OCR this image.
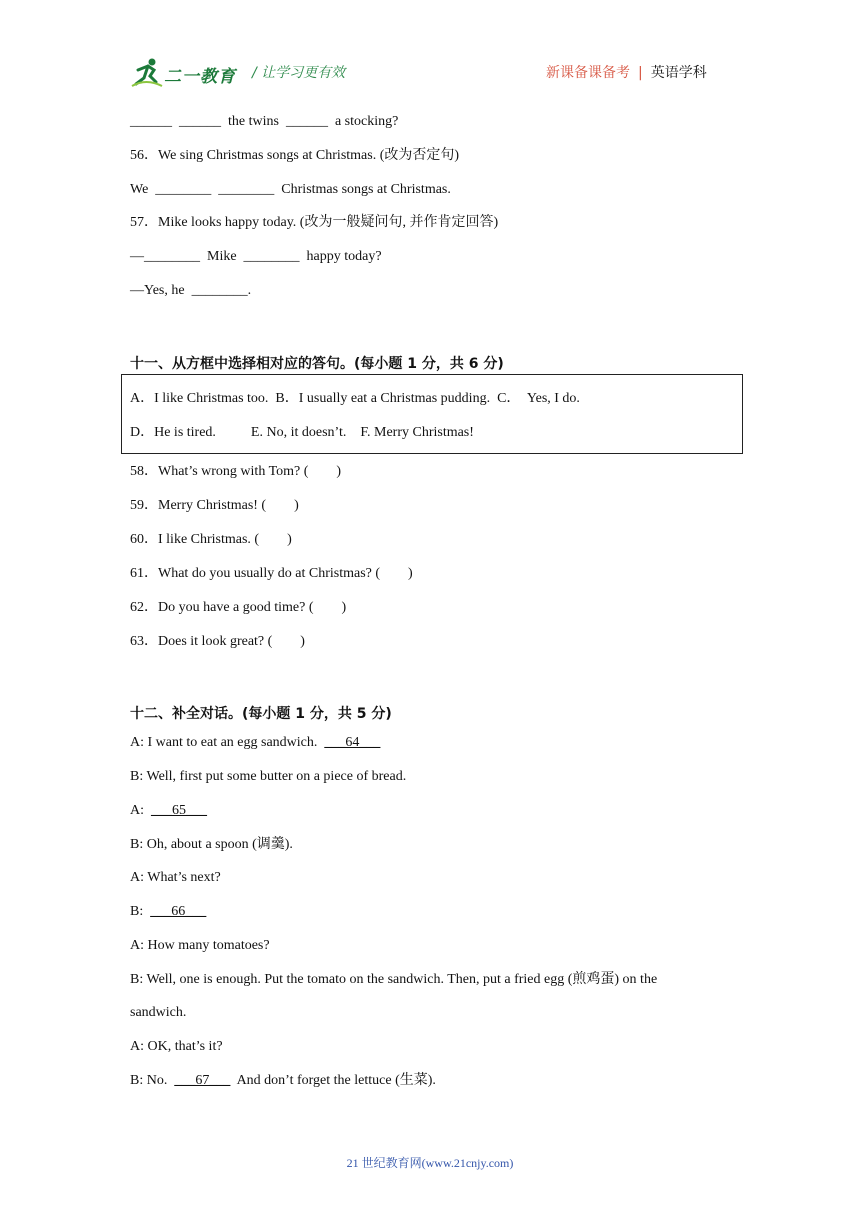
二一教育 / 让学习更有效	新课备课备考 | 英语学科
______  ______  the twins  ______  a stocking?
56．We sing Christmas songs at Christmas. (改为否定句)
We  ________  ________  Christmas songs at Christmas.
57．Mike looks happy today. (改为一般疑问句, 并作肯定回答)
—________  Mike  ________  happy today?
—Yes, he  ________.
十一、从方框中选择相对应的答句。(每小题 1 分，共 6 分)
A．I like Christmas too.  B．I usually eat a Christmas pudding.  C．  Yes, I do.
D．He is tired.          E. No, it doesn’t.    F. Merry Christmas!
58．What’s wrong with Tom? (        )
59．Merry Christmas! (        )
60．I like Christmas. (        )
61．What do you usually do at Christmas? (        )
62．Do you have a good time? (        )
63．Does it look great? (        )
十二、补全对话。(每小题 1 分，共 5 分)
A: I want to eat an egg sandwich.  ___64___
B: Well, first put some butter on a piece of bread.
A:  ___65___
B: Oh, about a spoon (调羹).
A: What’s next?
B:  ___66___
A: How many tomatoes?
B: Well, one is enough. Put the tomato on the sandwich. Then, put a fried egg (煎鸡蛋) on the
sandwich.
A: OK, that’s it?
B: No.  ___67___  And don’t forget the lettuce (生菜).
21 世纪教育网(www.21cnjy.com)
